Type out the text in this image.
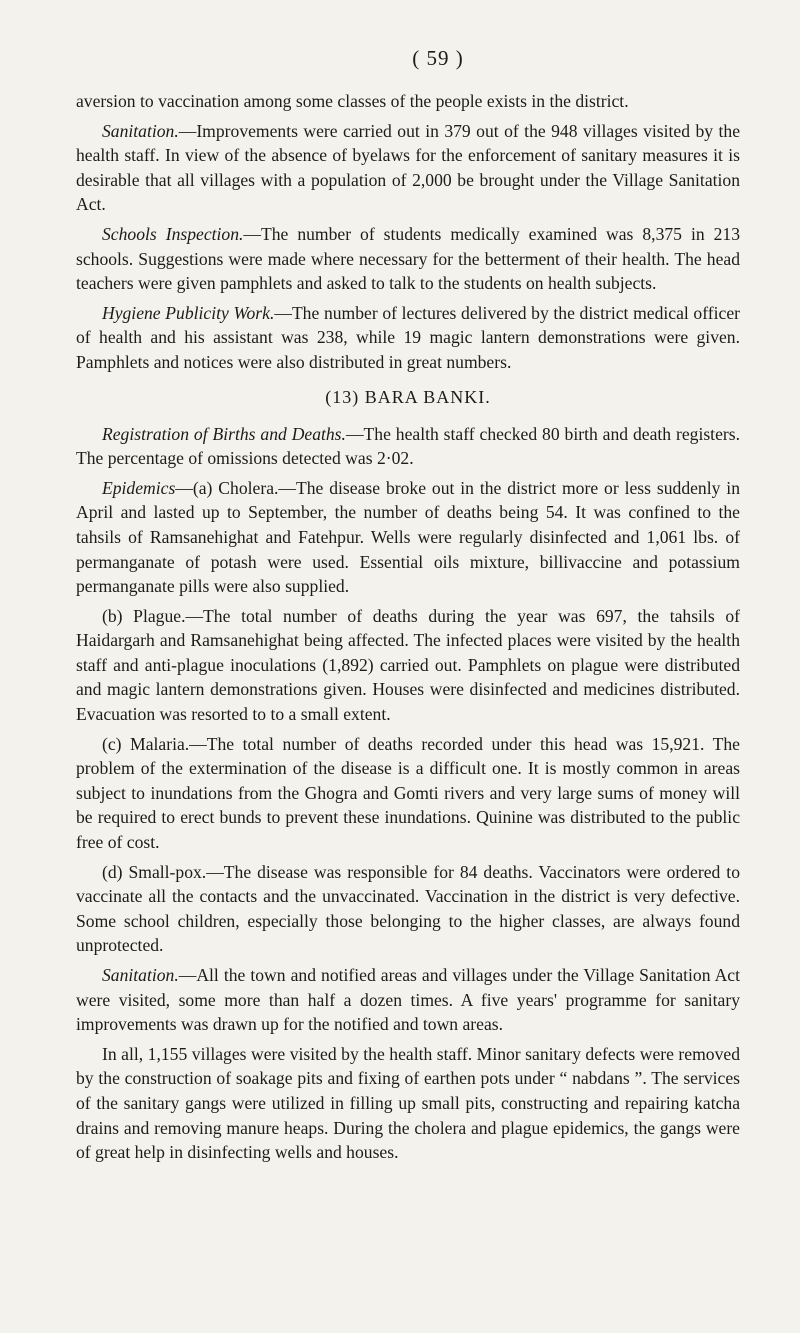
( 59 )

aversion to vaccination among some classes of the people exists in the district.

Sanitation.—Improvements were carried out in 379 out of the 948 villages visited by the health staff. In view of the absence of byelaws for the enforcement of sanitary measures it is desirable that all villages with a population of 2,000 be brought under the Village Sanitation Act.

Schools Inspection.—The number of students medically examined was 8,375 in 213 schools. Suggestions were made where necessary for the betterment of their health. The head teachers were given pamphlets and asked to talk to the students on health subjects.

Hygiene Publicity Work.—The number of lectures delivered by the district medical officer of health and his assistant was 238, while 19 magic lantern demonstrations were given. Pamphlets and notices were also distributed in great numbers.

(13) BARA BANKI.

Registration of Births and Deaths.—The health staff checked 80 birth and death registers. The percentage of omissions detected was 2·02.

Epidemics—(a) Cholera.—The disease broke out in the district more or less suddenly in April and lasted up to September, the number of deaths being 54. It was confined to the tahsils of Ramsanehighat and Fatehpur. Wells were regularly disinfected and 1,061 lbs. of permanganate of potash were used. Essential oils mixture, billivaccine and potassium permanganate pills were also supplied.

(b) Plague.—The total number of deaths during the year was 697, the tahsils of Haidargarh and Ramsanehighat being affected. The infected places were visited by the health staff and anti-plague inoculations (1,892) carried out. Pamphlets on plague were distributed and magic lantern demonstrations given. Houses were disinfected and medicines distributed. Evacuation was resorted to to a small extent.

(c) Malaria.—The total number of deaths recorded under this head was 15,921. The problem of the extermination of the disease is a difficult one. It is mostly common in areas subject to inundations from the Ghogra and Gomti rivers and very large sums of money will be required to erect bunds to prevent these inundations. Quinine was distributed to the public free of cost.

(d) Small-pox.—The disease was responsible for 84 deaths. Vaccinators were ordered to vaccinate all the contacts and the unvaccinated. Vaccination in the district is very defective. Some school children, especially those belonging to the higher classes, are always found unprotected.

Sanitation.—All the town and notified areas and villages under the Village Sanitation Act were visited, some more than half a dozen times. A five years' programme for sanitary improvements was drawn up for the notified and town areas.

In all, 1,155 villages were visited by the health staff. Minor sanitary defects were removed by the construction of soakage pits and fixing of earthen pots under “ nabdans ”. The services of the sanitary gangs were utilized in filling up small pits, constructing and repairing katcha drains and removing manure heaps. During the cholera and plague epidemics, the gangs were of great help in disinfecting wells and houses.
